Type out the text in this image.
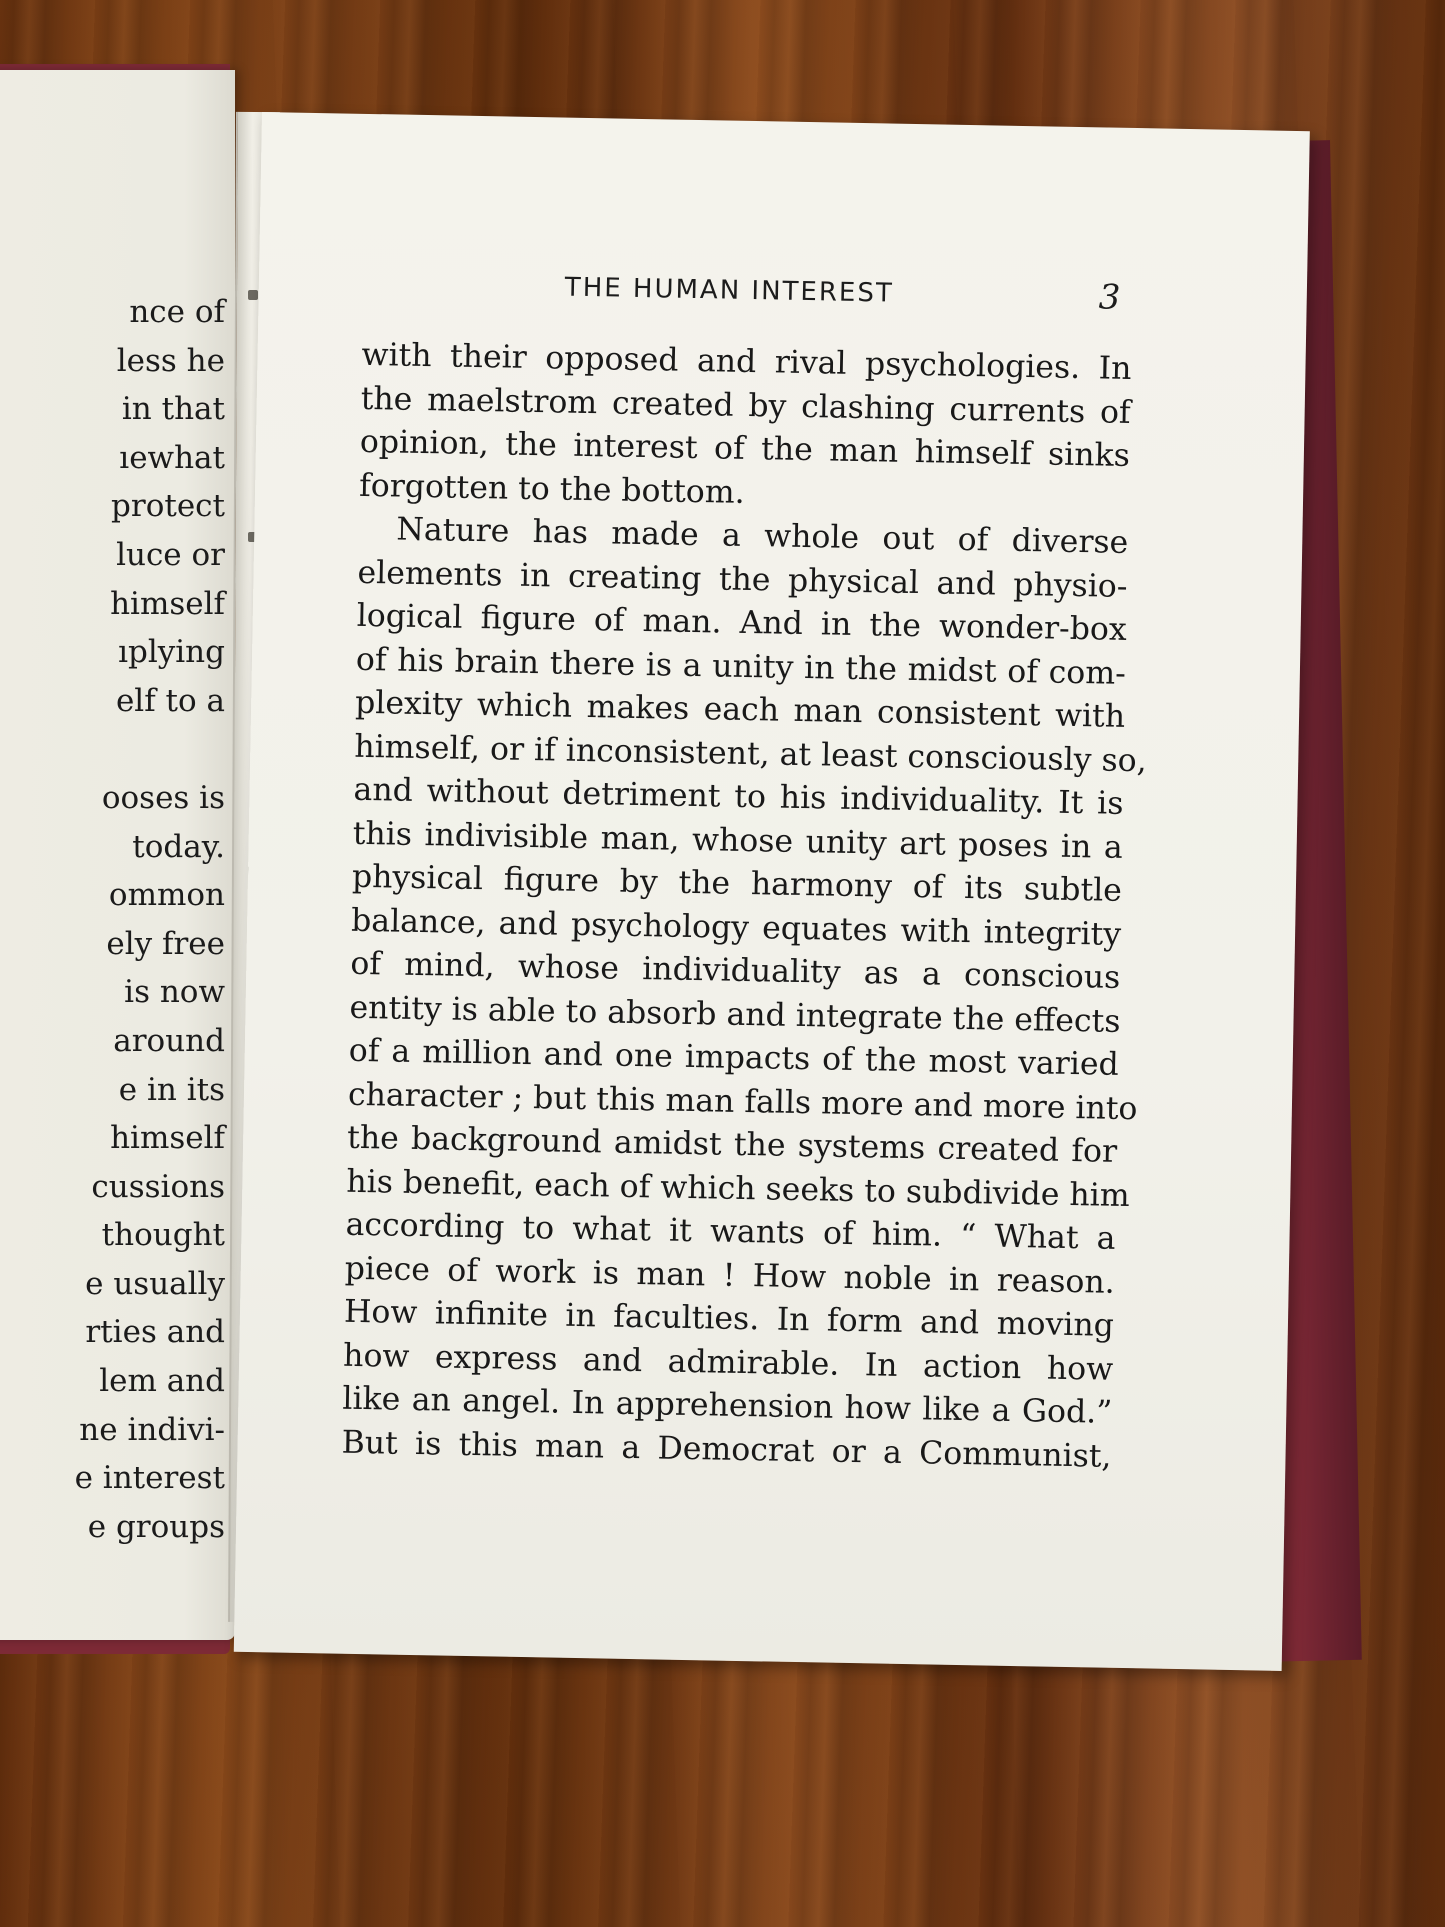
nce of
less he
in that
ıewhat
protect
luce or
himself
ıplying
elf to a

ooses is
today.
ommon
ely free
is now
around
e in its
himself
cussions
thought
e usually
rties and
lem and
ne indivi-
e interest
e groups
THE HUMAN INTEREST	3
with their opposed and rival psychologies. In
the maelstrom created by clashing currents of
opinion, the interest of the man himself sinks
forgotten to the bottom.
Nature has made a whole out of diverse
elements in creating the physical and physio-
logical figure of man. And in the wonder-box
of his brain there is a unity in the midst of com-
plexity which makes each man consistent with
himself, or if inconsistent, at least consciously so,
and without detriment to his individuality. It is
this indivisible man, whose unity art poses in a
physical figure by the harmony of its subtle
balance, and psychology equates with integrity
of mind, whose individuality as a conscious
entity is able to absorb and integrate the effects
of a million and one impacts of the most varied
character ; but this man falls more and more into
the background amidst the systems created for
his benefit, each of which seeks to subdivide him
according to what it wants of him. “ What a
piece of work is man ! How noble in reason.
How infinite in faculties. In form and moving
how express and admirable. In action how
like an angel. In apprehension how like a God.”
But is this man a Democrat or a Communist,
